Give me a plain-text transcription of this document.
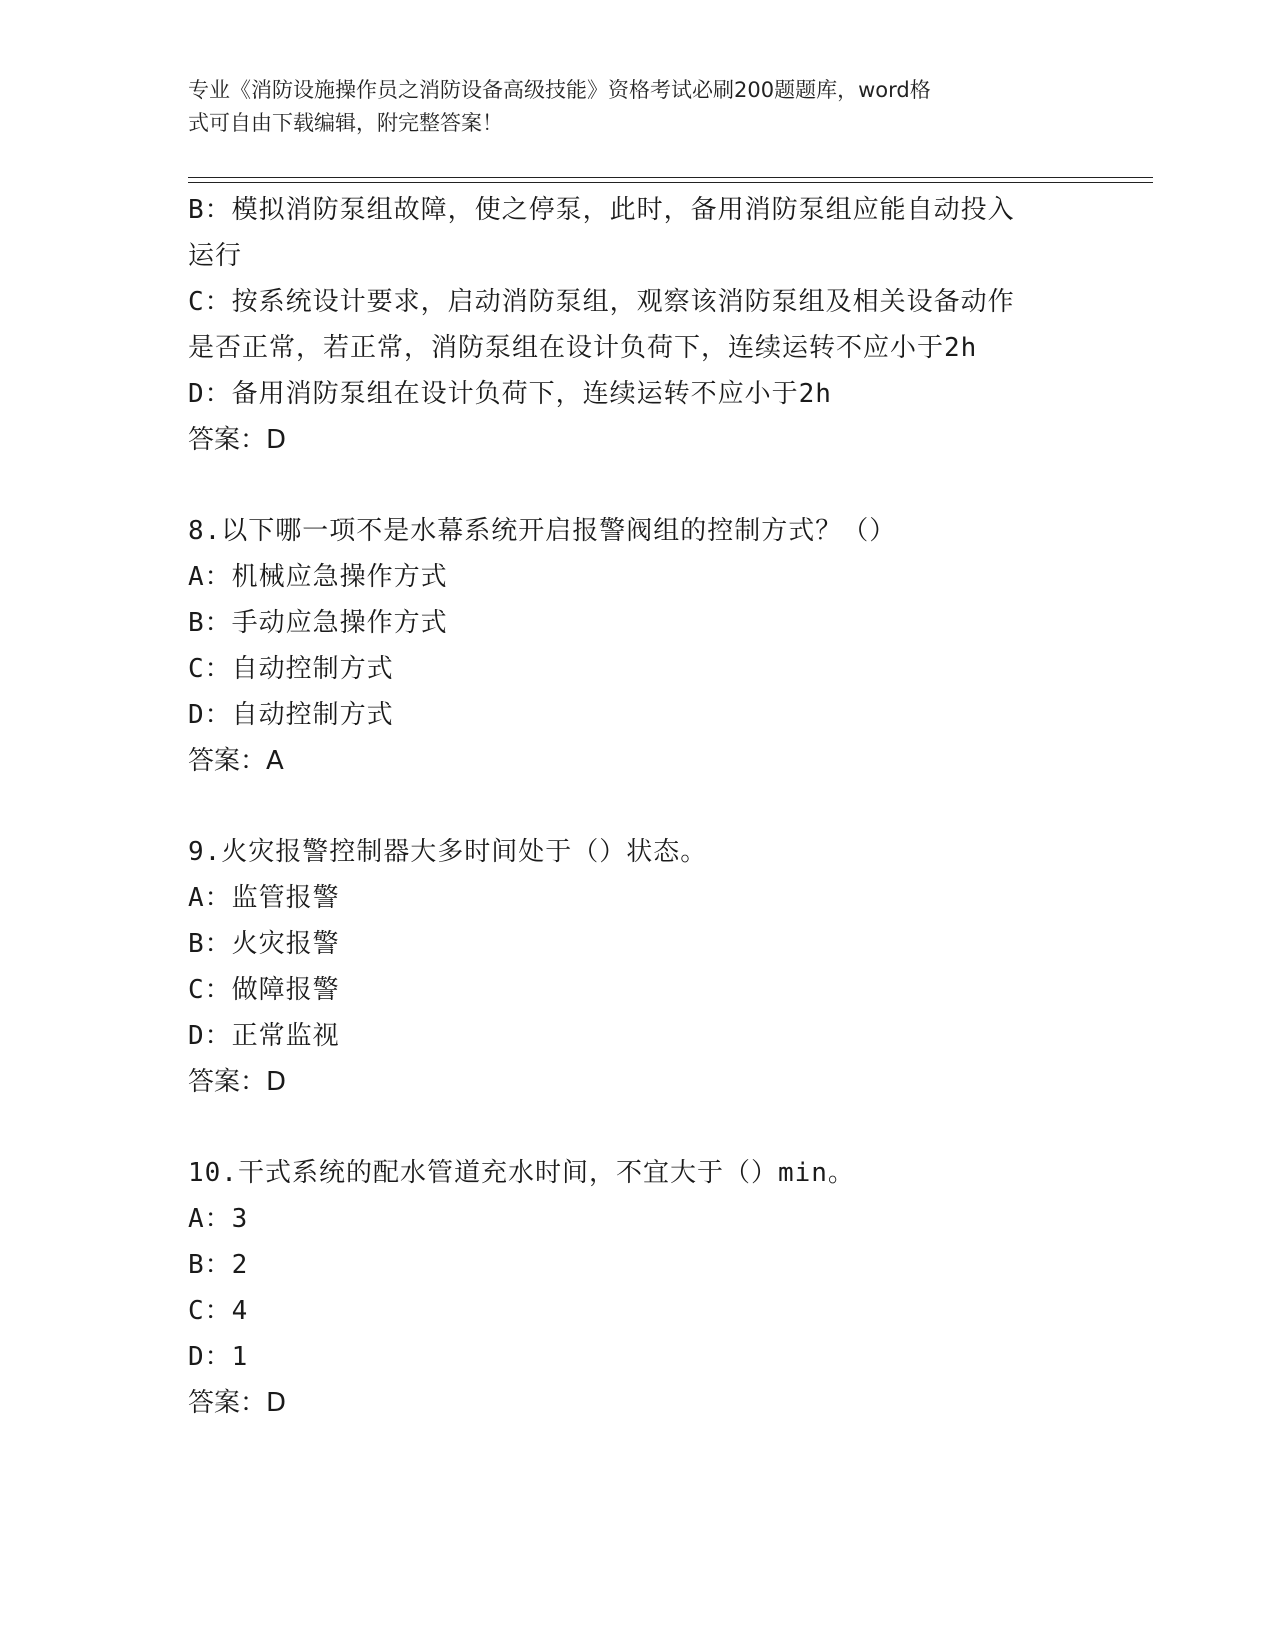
专业《消防设施操作员之消防设备高级技能》资格考试必刷200题题库，word格
式可自由下载编辑，附完整答案！
B：模拟消防泵组故障，使之停泵，此时，备用消防泵组应能自动投入
运行
C：按系统设计要求，启动消防泵组，观察该消防泵组及相关设备动作
是否正常，若正常，消防泵组在设计负荷下，连续运转不应小于2h
D：备用消防泵组在设计负荷下，连续运转不应小于2h
答案：D
8.以下哪一项不是水幕系统开启报警阀组的控制方式？（）
A：机械应急操作方式
B：手动应急操作方式
C：自动控制方式
D：自动控制方式
答案：A
9.火灾报警控制器大多时间处于（）状态。
A：监管报警
B：火灾报警
C：做障报警
D：正常监视
答案：D
10.干式系统的配水管道充水时间，不宜大于（）min。
A：3
B：2
C：4
D：1
答案：D
